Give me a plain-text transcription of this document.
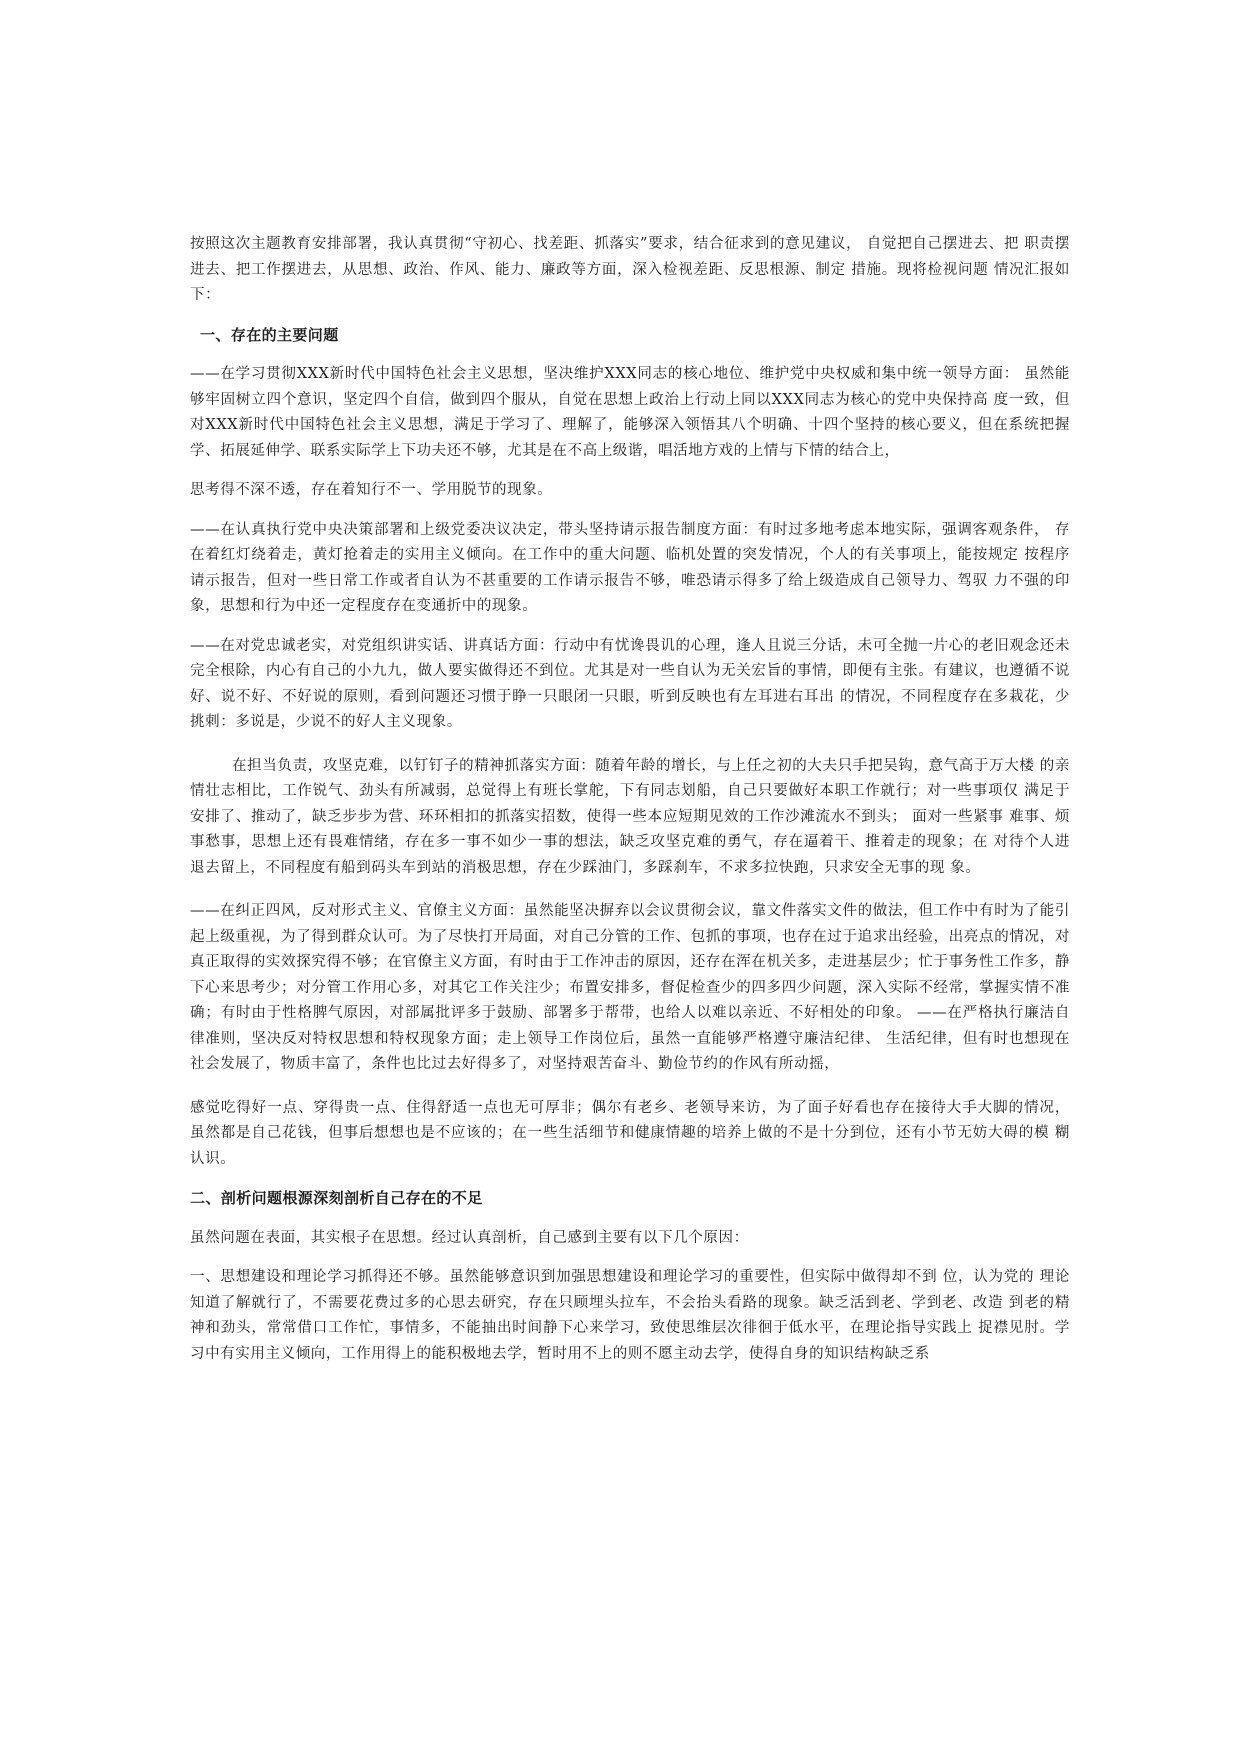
按照这次主题教育安排部署，我认真贯彻“守初心、找差距、抓落实”要求，结合征求到的意见建议， 自觉把自己摆进去、把 职责摆进去、把工作摆进去，从思想、政治、作风、能力、廉政等方面，深入检视差距、反思根源、制定 措施。现将检视问题 情况汇报如下：

一、存在的主要问题

——在学习贯彻XXX新时代中国特色社会主义思想，坚决维护XXX同志的核心地位、维护党中央权威和集中统一领导方面： 虽然能够牢固树立四个意识，坚定四个自信，做到四个服从，自觉在思想上政治上行动上同以XXX同志为核心的党中央保持高 度一致，但对XXX新时代中国特色社会主义思想，满足于学习了、理解了，能够深入领悟其八个明确、十四个坚持的核心要义，但在系统把握学、拓展延伸学、联系实际学上下功夫还不够，尤其是在不高上级谐，唱活地方戏的上情与下情的结合上，

思考得不深不透，存在着知行不一、学用脱节的现象。

——在认真执行党中央决策部署和上级党委决议决定，带头坚持请示报告制度方面：有时过多地考虑本地实际，强调客观条件， 存在着红灯绕着走，黄灯抢着走的实用主义倾向。在工作中的重大问题、临机处置的突发情况，个人的有关事项上，能按规定 按程序请示报告，但对一些日常工作或者自认为不甚重要的工作请示报告不够，唯恐请示得多了给上级造成自己领导力、驾驭 力不强的印象，思想和行为中还一定程度存在变通折中的现象。

——在对党忠诚老实，对党组织讲实话、讲真话方面：行动中有忧谗畏讥的心理，逢人且说三分话，未可全抛一片心的老旧观念还未完全根除，内心有自己的小九九，做人要实做得还不到位。尤其是对一些自认为无关宏旨的事情，即便有主张。有建议，也遵循不说好、说不好、不好说的原则，看到问题还习惯于睁一只眼闭一只眼，听到反映也有左耳进右耳出 的情况，不同程度存在多栽花，少挑刺：多说是，少说不的好人主义现象。

在担当负责，攻坚克难，以钉钉子的精神抓落实方面：随着年龄的增长，与上任之初的大夫只手把吴钩，意气高于万大楼 的亲情壮志相比，工作锐气、劲头有所减弱，总觉得上有班长掌舵，下有同志划船，自己只要做好本职工作就行；对一些事项仅 满足于安排了、推动了，缺乏步步为营、环环相扣的抓落实招数，使得一些本应短期见效的工作沙滩流水不到头； 面对一些紧事 难事、烦事愁事，思想上还有畏难情绪，存在多一事不如少一事的想法，缺乏攻坚克难的勇气，存在逼着干、推着走的现象；在 对待个人进退去留上，不同程度有船到码头车到站的消极思想，存在少踩油门，多踩刹车，不求多拉快跑，只求安全无事的现 象。

——在纠正四风，反对形式主义、官僚主义方面：虽然能坚决摒弃以会议贯彻会议，靠文件落实文件的做法，但工作中有时为了能引起上级重视，为了得到群众认可。为了尽快打开局面，对自己分管的工作、包抓的事项，也存在过于追求出经验，出亮点的情况，对真正取得的实效探究得不够；在官僚主义方面，有时由于工作冲击的原因，还存在浑在机关多，走进基层少；忙于事务性工作多，静下心来思考少；对分管工作用心多，对其它工作关注少；布置安排多，督促检查少的四多四少问题，深入实际不经常，掌握实情不准确；有时由于性格脾气原因，对部属批评多于鼓励、部署多于帮带，也给人以难以亲近、不好相处的印象。 ——在严格执行廉洁自律准则，坚决反对特权思想和特权现象方面；走上领导工作岗位后，虽然一直能够严格遵守廉洁纪律、 生活纪律，但有时也想现在社会发展了，物质丰富了，条件也比过去好得多了，对坚持艰苦奋斗、勤俭节约的作风有所动摇，

感觉吃得好一点、穿得贵一点、住得舒适一点也无可厚非；偶尔有老乡、老领导来访，为了面子好看也存在接待大手大脚的情况， 虽然都是自己花钱，但事后想想也是不应该的；在一些生活细节和健康情趣的培养上做的不是十分到位，还有小节无妨大碍的模 糊认识。

二、剖析问题根源深刻剖析自己存在的不足

虽然问题在表面，其实根子在思想。经过认真剖析，自己感到主要有以下几个原因：

一、思想建设和理论学习抓得还不够。虽然能够意识到加强思想建设和理论学习的重要性，但实际中做得却不到 位，认为党的 理论知道了解就行了，不需要花费过多的心思去研究，存在只顾埋头拉车，不会抬头看路的现象。缺乏活到老、学到老、改造 到老的精神和劲头，常常借口工作忙，事情多，不能抽出时间静下心来学习，致使思维层次徘徊于低水平，在理论指导实践上 捉襟见肘。学习中有实用主义倾向，工作用得上的能积极地去学，暂时用不上的则不愿主动去学，使得自身的知识结构缺乏系
